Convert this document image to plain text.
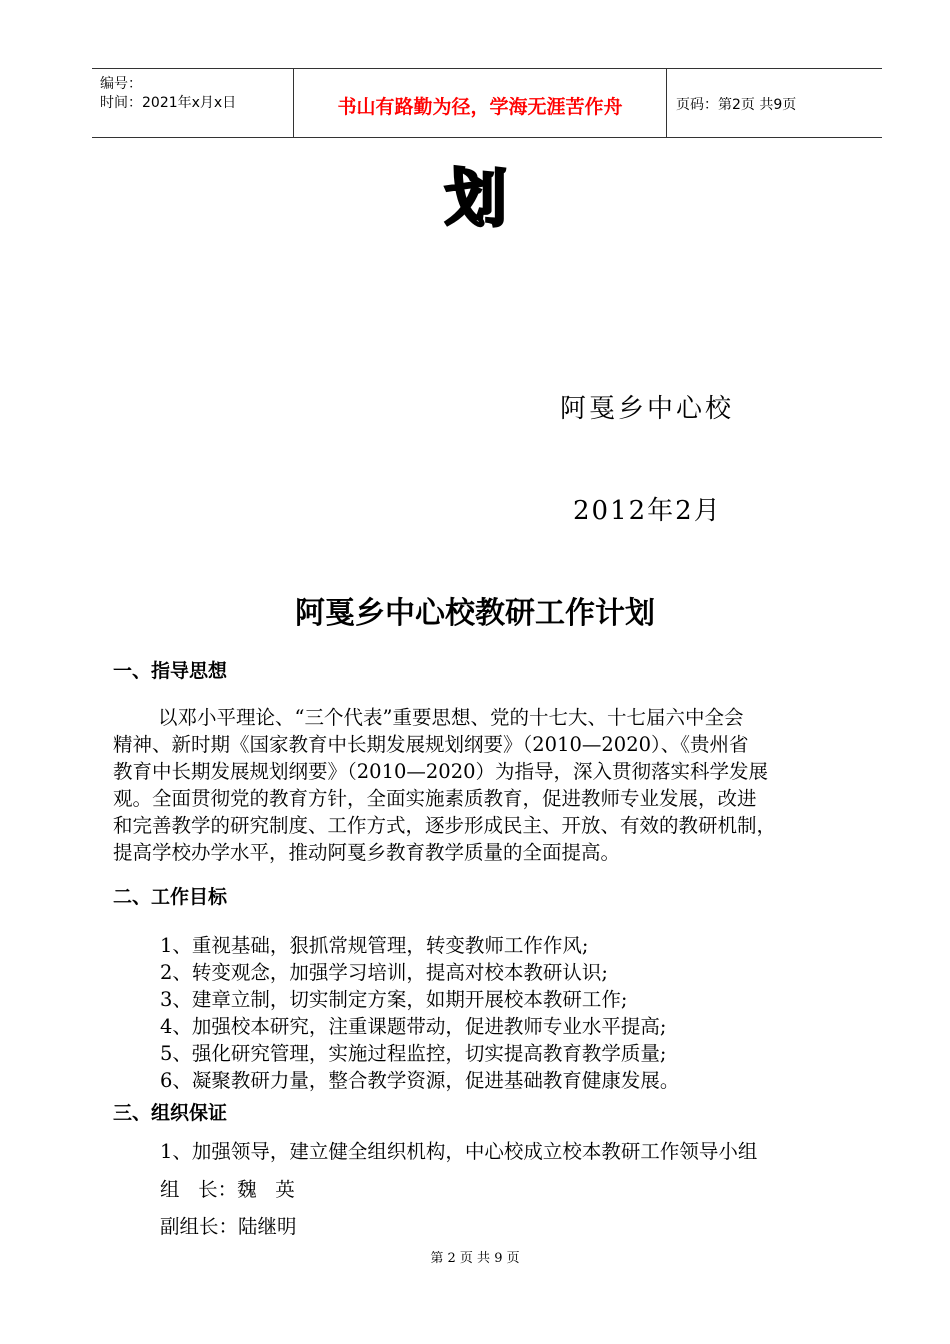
编号：
时间：2021年x月x日	书山有路勤为径，学海无涯苦作舟	页码：第2页 共9页
划
阿戛乡中心校
2012年2月
阿戛乡中心校教研工作计划
一、指导思想
以邓小平理论、“三个代表”重要思想、党的十七大、十七届六中全会
精神、新时期《国家教育中长期发展规划纲要》（2010—2020）、《贵州省
教育中长期发展规划纲要》（2010—2020）为指导，深入贯彻落实科学发展
观。全面贯彻党的教育方针，全面实施素质教育，促进教师专业发展，改进
和完善教学的研究制度、工作方式，逐步形成民主、开放、有效的教研机制，
提高学校办学水平，推动阿戛乡教育教学质量的全面提高。
二、工作目标
1、重视基础，狠抓常规管理，转变教师工作作风;
2、转变观念，加强学习培训，提高对校本教研认识;
3、建章立制，切实制定方案，如期开展校本教研工作;
4、加强校本研究，注重课题带动，促进教师专业水平提高;
5、强化研究管理，实施过程监控，切实提高教育教学质量;
6、凝聚教研力量，整合教学资源，促进基础教育健康发展。
三、组织保证
1、加强领导，建立健全组织机构，中心校成立校本教研工作领导小组
组   长：魏   英
副组长：陆继明
第 2 页 共 9 页
